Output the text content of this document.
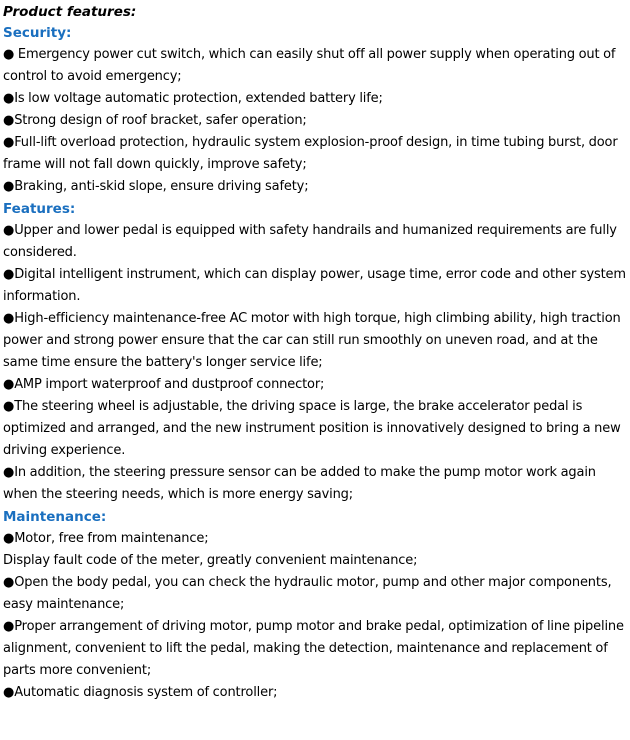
Product features:
Security:
● Emergency power cut switch, which can easily shut off all power supply when operating out of control to avoid emergency;
●Is low voltage automatic protection, extended battery life;
●Strong design of roof bracket, safer operation;
●Full-lift overload protection, hydraulic system explosion-proof design, in time tubing burst, door frame will not fall down quickly, improve safety;
●Braking, anti-skid slope, ensure driving safety;
Features:
●Upper and lower pedal is equipped with safety handrails and humanized requirements are fully considered.
●Digital intelligent instrument, which can display power, usage time, error code and other system information.
●High-efficiency maintenance-free AC motor with high torque, high climbing ability, high traction power and strong power ensure that the car can still run smoothly on uneven road, and at the same time ensure the battery's longer service life;
●AMP import waterproof and dustproof connector;
●The steering wheel is adjustable, the driving space is large, the brake accelerator pedal is optimized and arranged, and the new instrument position is innovatively designed to bring a new driving experience.
●In addition, the steering pressure sensor can be added to make the pump motor work again when the steering needs, which is more energy saving;
Maintenance:
●Motor, free from maintenance;
Display fault code of the meter, greatly convenient maintenance;
●Open the body pedal, you can check the hydraulic motor, pump and other major components, easy maintenance;
●Proper arrangement of driving motor, pump motor and brake pedal, optimization of line pipeline alignment, convenient to lift the pedal, making the detection, maintenance and replacement of parts more convenient;
●Automatic diagnosis system of controller;
